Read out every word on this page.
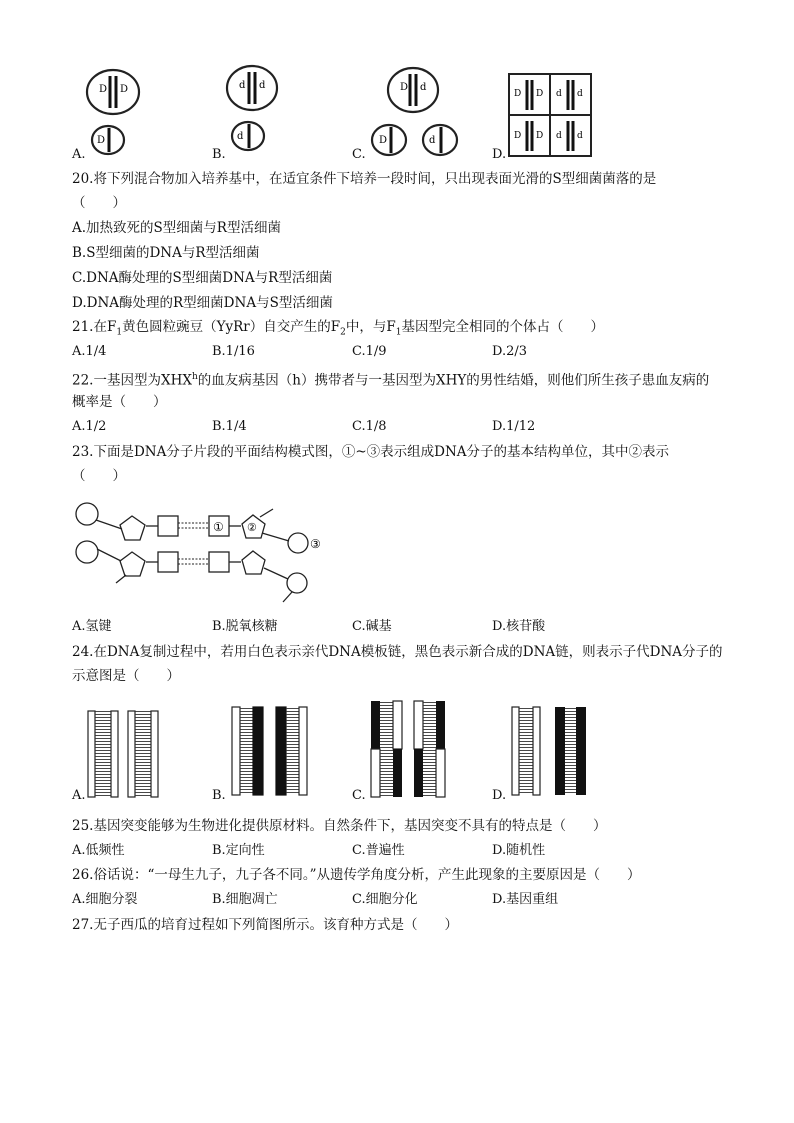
D D
D
d d
d
D d
D	d
D D d d
D D d d
A.	B.	C.	D.
20.将下列混合物加入培养基中，在适宜条件下培养一段时间，只出现表面光滑的S型细菌菌落的是
（　　）
A.加热致死的S型细菌与R型活细菌
B.S型细菌的DNA与R型活细菌
C.DNA酶处理的S型细菌DNA与R型活细菌
D.DNA酶处理的R型细菌DNA与S型活细菌
21.在$F_1$黄色圆粒豌豆（YyRr）自交产生的$F_2$中，与$F_1$基因型完全相同的个体占（　　）
A.1/4	B.1/16	C.1/9	D.2/3
22.一基因型为XHX$^h$的血友病基因（h）携带者与一基因型为XHY的男性结婚，则他们所生孩子患血友病的
概率是（　　）
A.1/2	B.1/4	C.1/8	D.1/12
23.下面是DNA分子片段的平面结构模式图，①~③表示组成DNA分子的基本结构单位，其中②表示
（　　）
① ②
③
A.氢键	B.脱氧核糖	C.碱基	D.核苷酸
24.在DNA复制过程中，若用白色表示亲代DNA模板链，黑色表示新合成的DNA链，则表示子代DNA分子的
示意图是（　　）
A.	B.	C.	D.
25.基因突变能够为生物进化提供原材料。自然条件下，基因突变不具有的特点是（　　）
A.低频性	B.定向性	C.普遍性	D.随机性
26.俗话说：“一母生九子，九子各不同。”从遗传学角度分析，产生此现象的主要原因是（　　）
A.细胞分裂	B.细胞凋亡	C.细胞分化	D.基因重组
27.无子西瓜的培育过程如下列简图所示。该育种方式是（　　）
